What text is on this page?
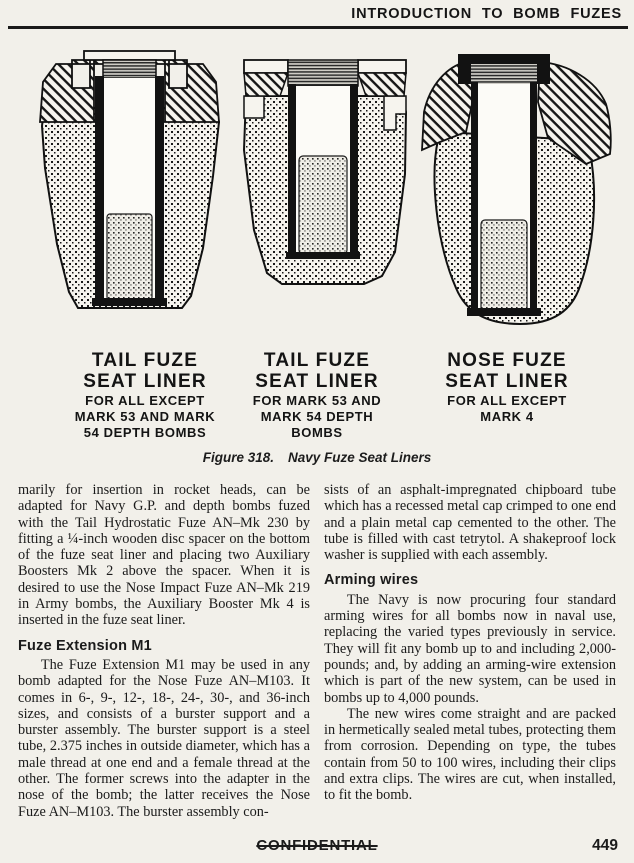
INTRODUCTION TO BOMB FUZES
TAIL FUZE
SEAT LINER
FOR ALL EXCEPT
MARK 53 AND MARK
54 DEPTH BOMBS
TAIL FUZE
SEAT LINER
FOR MARK 53 AND
MARK 54 DEPTH
BOMBS
NOSE FUZE
SEAT LINER
FOR ALL EXCEPT
MARK 4
Figure 318. Navy Fuze Seat Liners

marily for insertion in rocket heads, can be adapted for Navy G.P. and depth bombs fuzed with the Tail Hydrostatic Fuze AN–Mk 230 by fitting a ¼-inch wooden disc spacer on the bottom of the fuze seat liner and placing two Auxiliary Boosters Mk 2 above the spacer. When it is desired to use the Nose Impact Fuze AN–Mk 219 in Army bombs, the Auxiliary Booster Mk 4 is inserted in the fuze seat liner.

Fuze Extension M1

The Fuze Extension M1 may be used in any bomb adapted for the Nose Fuze AN–M103. It comes in 6-, 9-, 12-, 18-, 24-, 30-, and 36-inch sizes, and consists of a burster support and a burster assembly. The burster support is a steel tube, 2.375 inches in outside diameter, which has a male thread at one end and a female thread at the other. The former screws into the adapter in the nose of the bomb; the latter receives the Nose Fuze AN–M103. The burster assembly con-

sists of an asphalt-impregnated chipboard tube which has a recessed metal cap crimped to one end and a plain metal cap cemented to the other. The tube is filled with cast tetrytol. A shakeproof lock washer is supplied with each assembly.

Arming wires

The Navy is now procuring four standard arming wires for all bombs now in naval use, replacing the varied types previously in service. They will fit any bomb up to and including 2,000-pounds; and, by adding an arming-wire extension which is part of the new system, can be used in bombs up to 4,000 pounds.

The new wires come straight and are packed in hermetically sealed metal tubes, protecting them from corrosion. Depending on type, the tubes contain from 50 to 100 wires, including their clips and extra clips. The wires are cut, when installed, to fit the bomb.

CONFIDENTIAL	449
